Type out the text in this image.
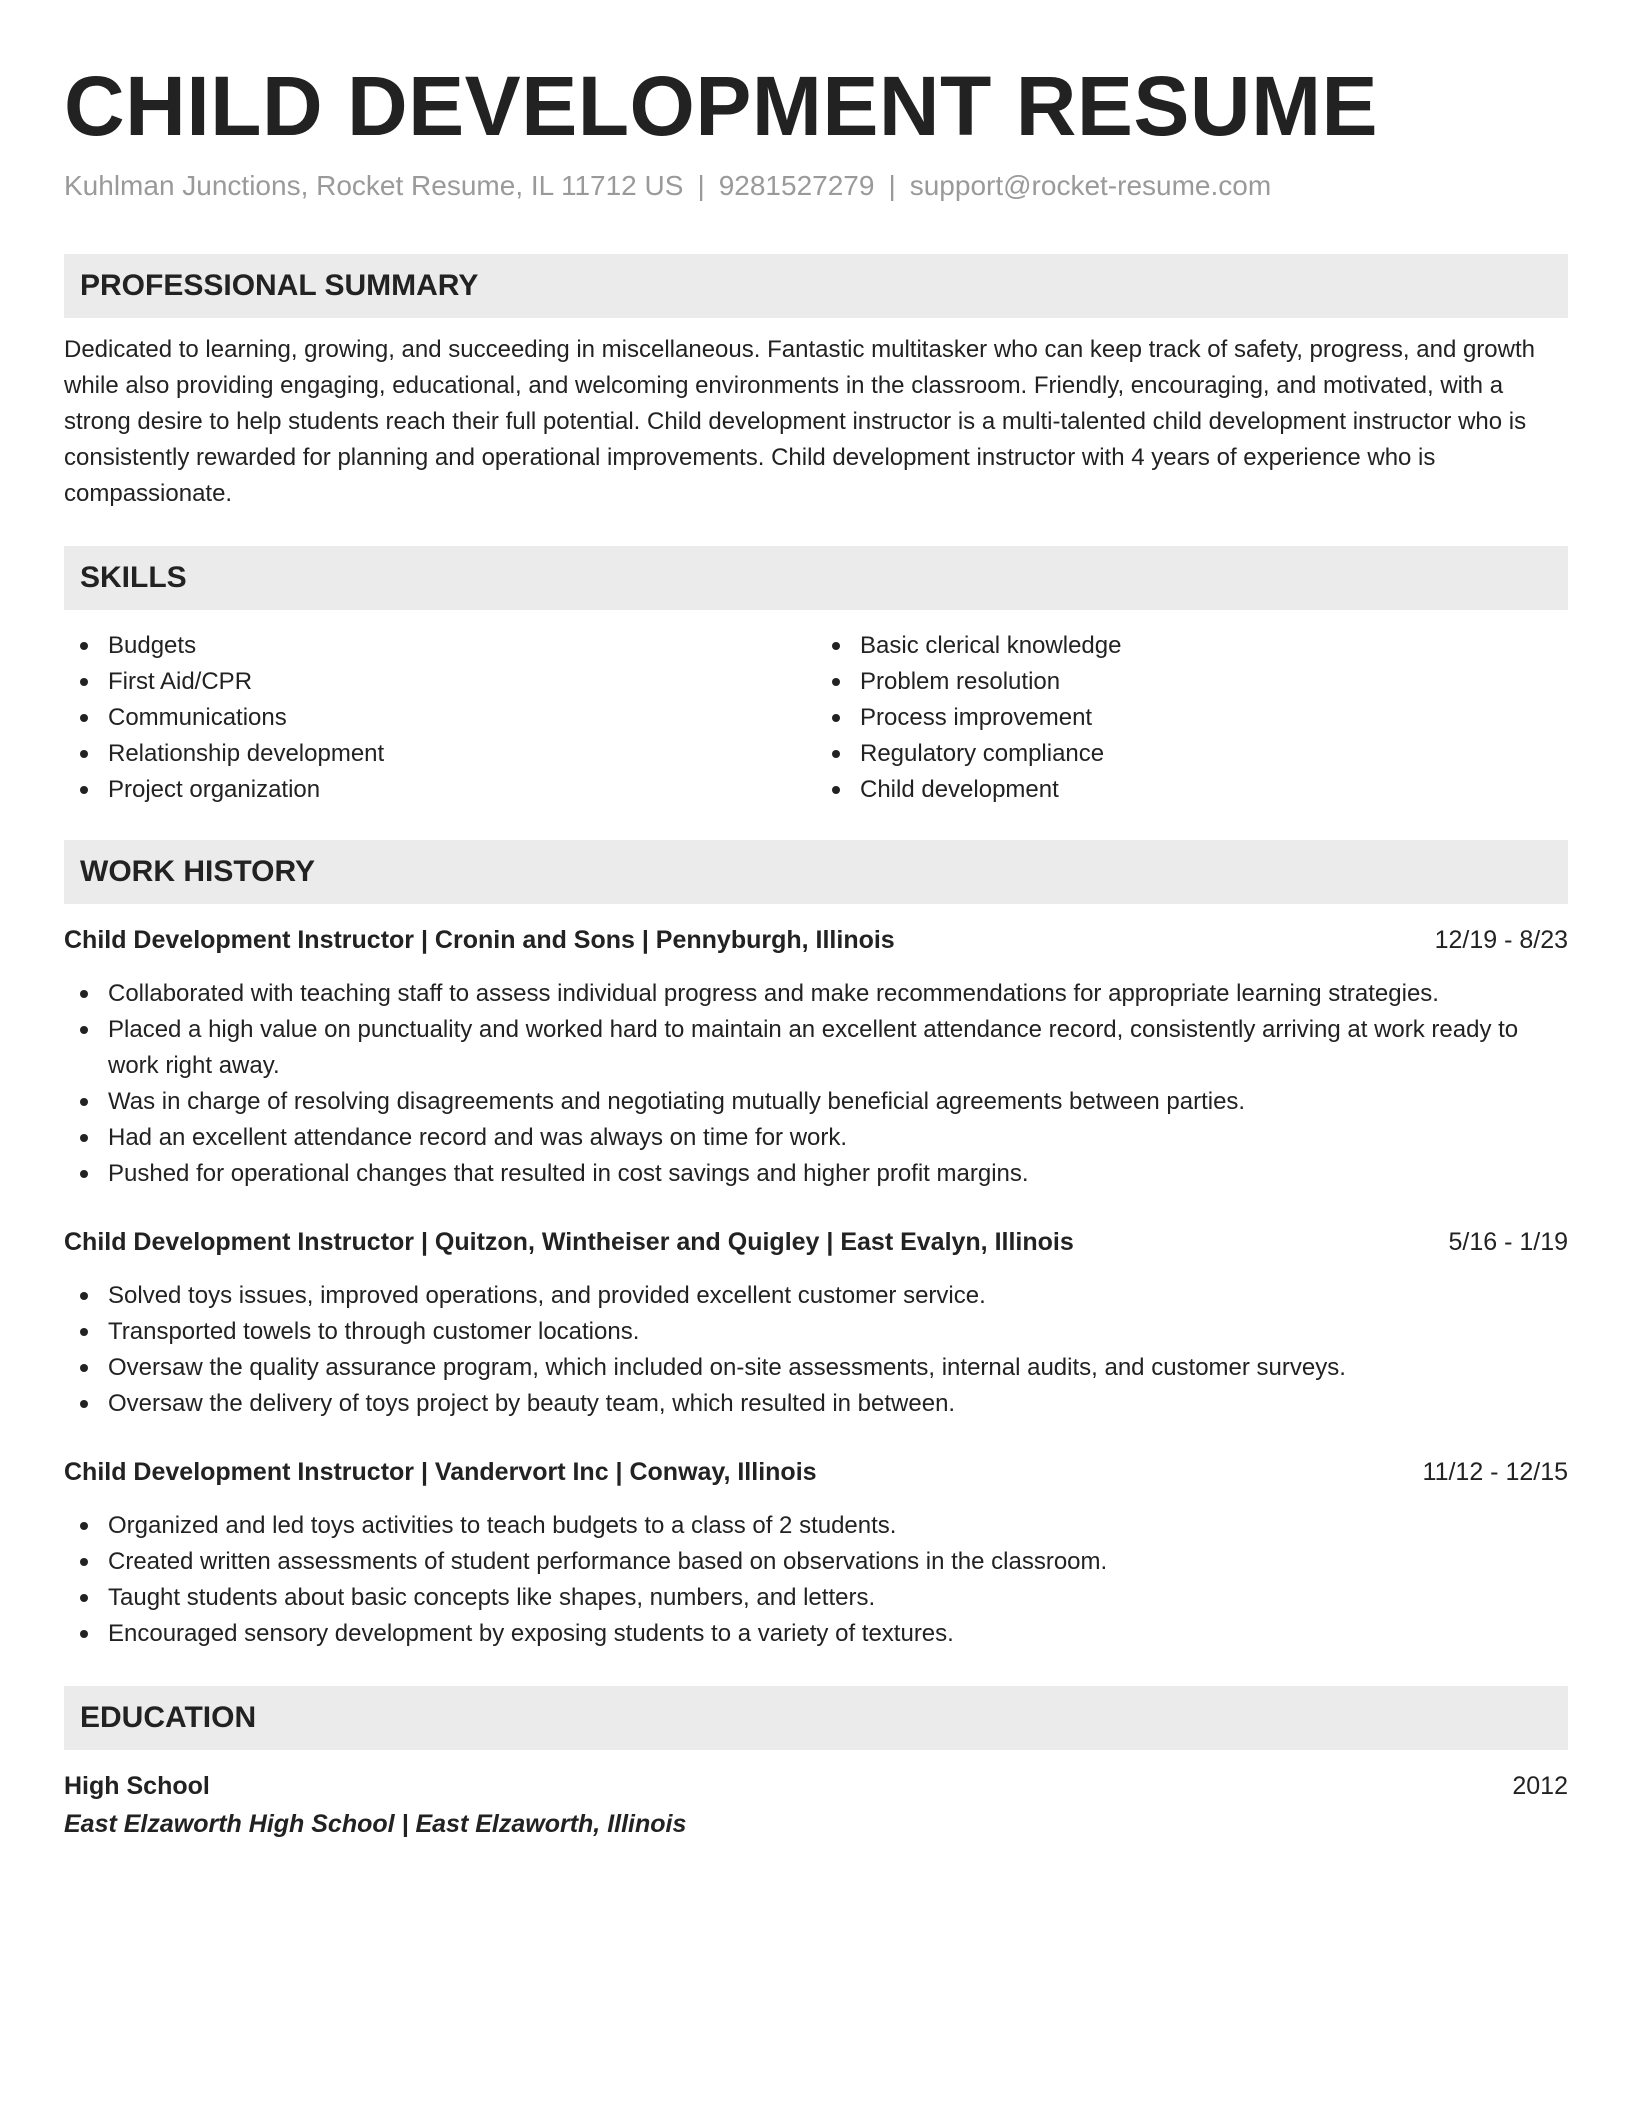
CHILD DEVELOPMENT RESUME
Kuhlman Junctions, Rocket Resume, IL 11712 US | 9281527279 | support@rocket-resume.com
PROFESSIONAL SUMMARY

Dedicated to learning, growing, and succeeding in miscellaneous. Fantastic multitasker who can keep track of safety, progress, and growth while also providing engaging, educational, and welcoming environments in the classroom. Friendly, encouraging, and motivated, with a strong desire to help students reach their full potential. Child development instructor is a multi-talented child development instructor who is consistently rewarded for planning and operational improvements. Child development instructor with 4 years of experience who is compassionate.

SKILLS
Budgets
First Aid/CPR
Communications
Relationship development
Project organization
Basic clerical knowledge
Problem resolution
Process improvement
Regulatory compliance
Child development
WORK HISTORY
Child Development Instructor | Cronin and Sons | Pennyburgh, Illinois	12/19 - 8/23
Collaborated with teaching staff to assess individual progress and make recommendations for appropriate learning strategies.
Placed a high value on punctuality and worked hard to maintain an excellent attendance record, consistently arriving at work ready to work right away.
Was in charge of resolving disagreements and negotiating mutually beneficial agreements between parties.
Had an excellent attendance record and was always on time for work.
Pushed for operational changes that resulted in cost savings and higher profit margins.
Child Development Instructor | Quitzon, Wintheiser and Quigley | East Evalyn, Illinois	5/16 - 1/19
Solved toys issues, improved operations, and provided excellent customer service.
Transported towels to through customer locations.
Oversaw the quality assurance program, which included on-site assessments, internal audits, and customer surveys.
Oversaw the delivery of toys project by beauty team, which resulted in between.
Child Development Instructor | Vandervort Inc | Conway, Illinois	11/12 - 12/15
Organized and led toys activities to teach budgets to a class of 2 students.
Created written assessments of student performance based on observations in the classroom.
Taught students about basic concepts like shapes, numbers, and letters.
Encouraged sensory development by exposing students to a variety of textures.
EDUCATION
High School	2012
East Elzaworth High School | East Elzaworth, Illinois
